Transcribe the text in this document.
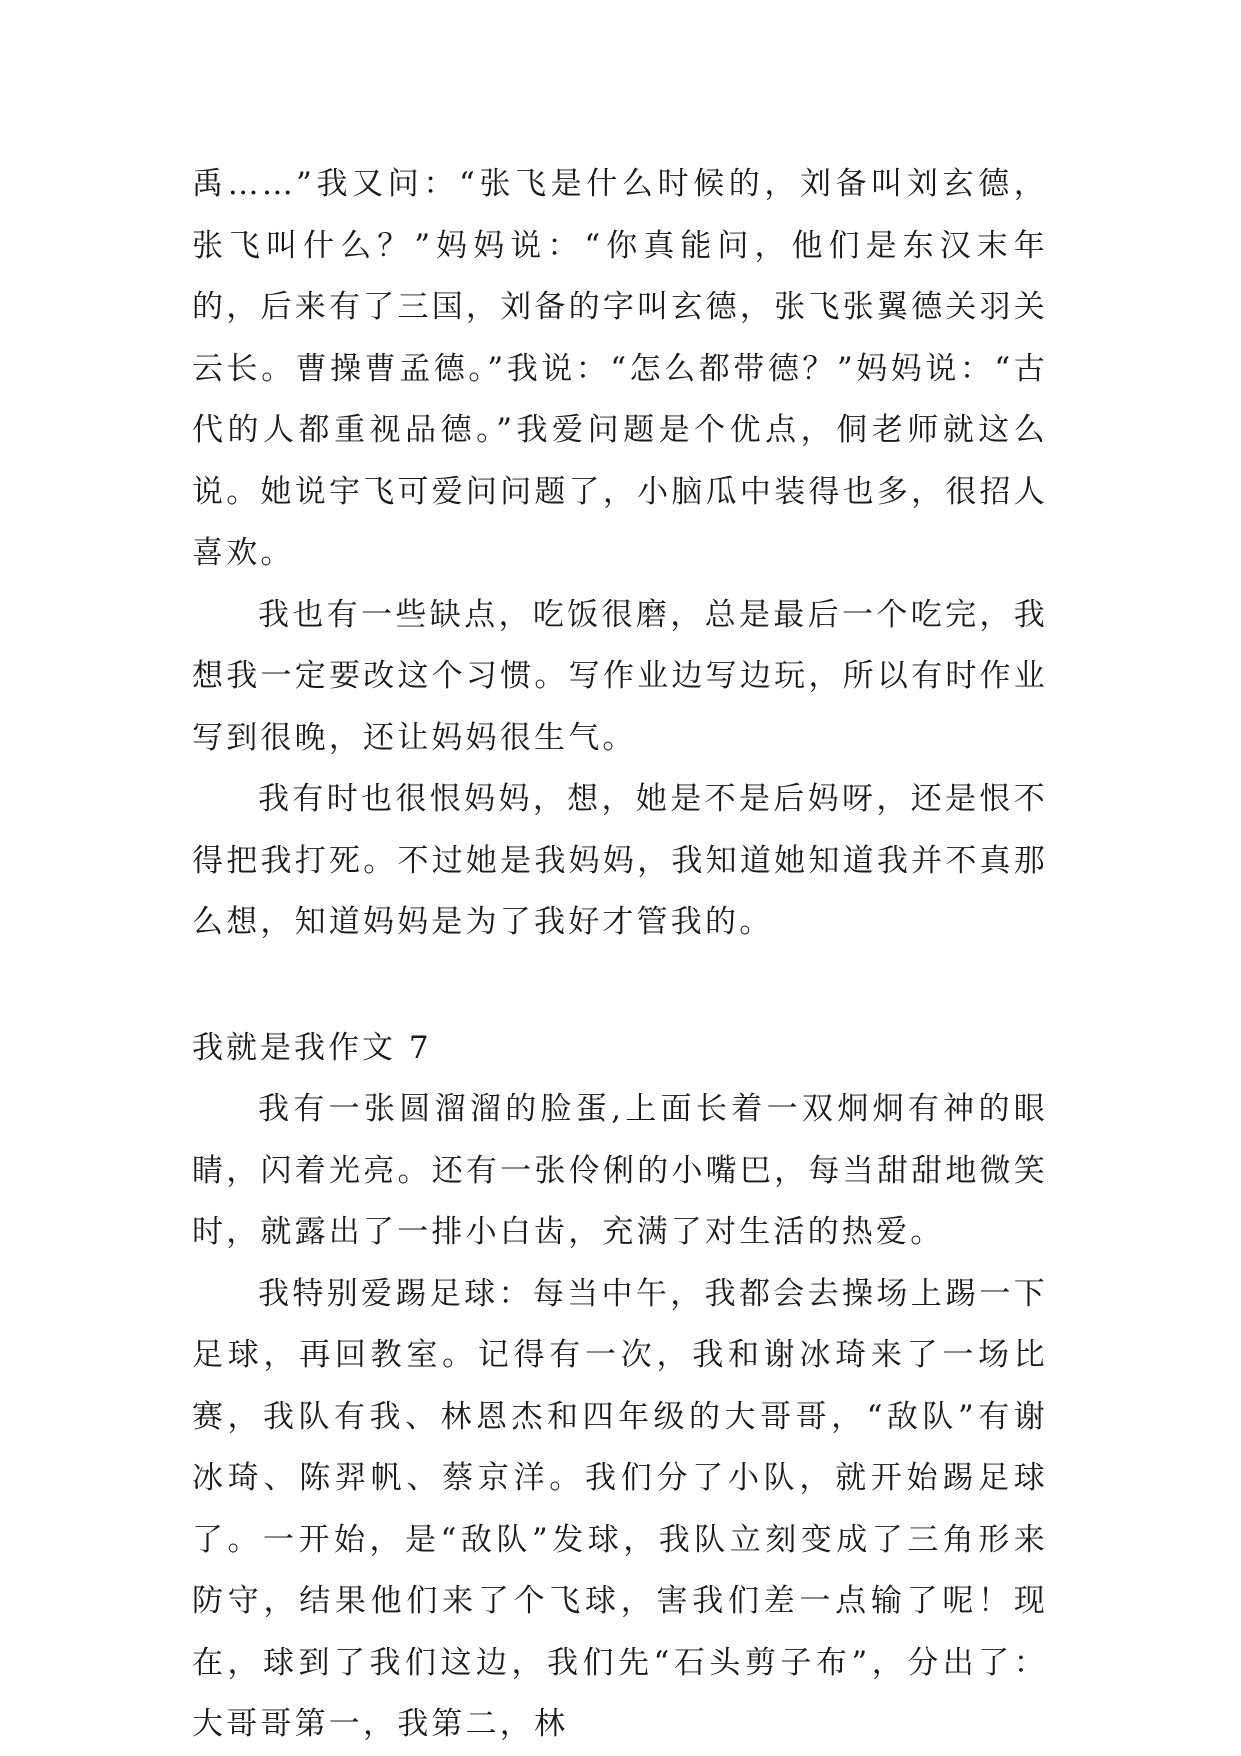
禹……”我又问：“张飞是什么时候的，刘备叫刘玄德，张飞叫什么？”妈妈说：“你真能问，他们是东汉末年的，后来有了三国，刘备的字叫玄德，张飞张翼德关羽关云长。曹操曹孟德。”我说：“怎么都带德？”妈妈说：“古代的人都重视品德。”我爱问题是个优点，侗老师就这么说。她说宇飞可爱问问题了，小脑瓜中装得也多，很招人喜欢。

我也有一些缺点，吃饭很磨，总是最后一个吃完，我想我一定要改这个习惯。写作业边写边玩，所以有时作业写到很晚，还让妈妈很生气。

我有时也很恨妈妈，想，她是不是后妈呀，还是恨不得把我打死。不过她是我妈妈，我知道她知道我并不真那么想，知道妈妈是为了我好才管我的。

我就是我作文 7

我有一张圆溜溜的脸蛋,上面长着一双炯炯有神的眼睛，闪着光亮。还有一张伶俐的小嘴巴，每当甜甜地微笑时，就露出了一排小白齿，充满了对生活的热爱。

我特别爱踢足球：每当中午，我都会去操场上踢一下足球，再回教室。记得有一次，我和谢冰琦来了一场比赛，我队有我、林恩杰和四年级的大哥哥，“敌队”有谢冰琦、陈羿帆、蔡京洋。我们分了小队，就开始踢足球了。一开始，是“敌队”发球，我队立刻变成了三角形来防守，结果他们来了个飞球，害我们差一点输了呢！现在，球到了我们这边，我们先“石头剪子布”，分出了：大哥哥第一，我第二，林
